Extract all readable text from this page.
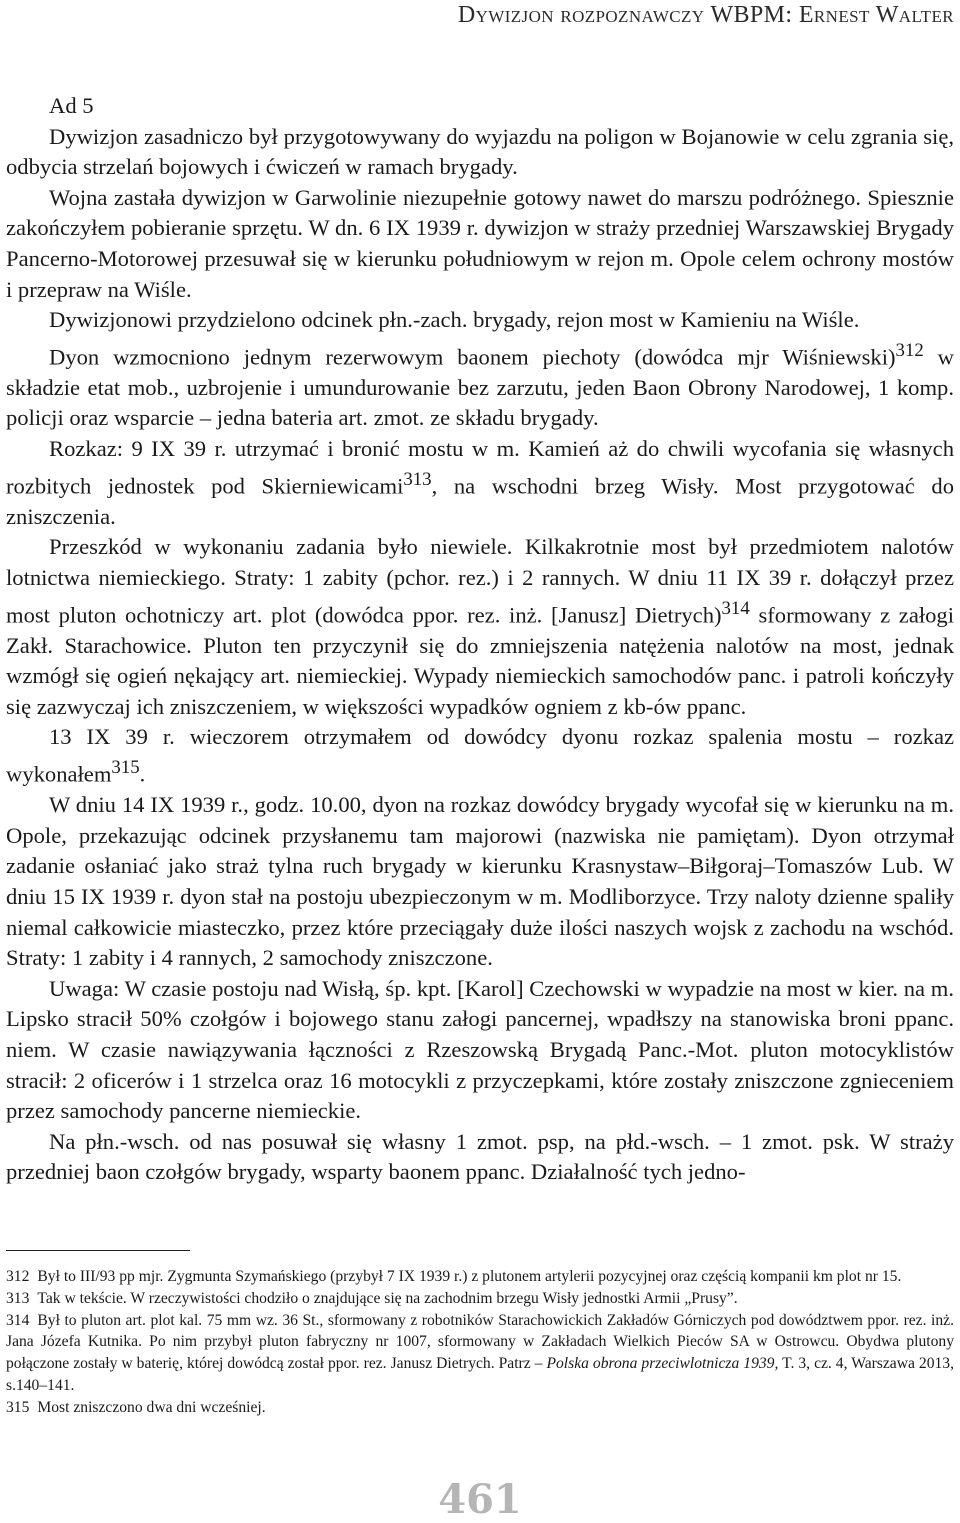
Dywizjon rozpoznawczy WBPM: Ernest Walter

Ad 5

Dywizjon zasadniczo był przygotowywany do wyjazdu na poligon w Bojanowie w celu zgrania się, odbycia strzelań bojowych i ćwiczeń w ramach brygady.

Wojna zastała dywizjon w Garwolinie niezupełnie gotowy nawet do marszu podróżnego. Spiesznie zakończyłem pobieranie sprzętu. W dn. 6 IX 1939 r. dywizjon w straży przedniej Warszawskiej Brygady Pancerno-Motorowej przesuwał się w kierunku południowym w rejon m. Opole celem ochrony mostów i przepraw na Wiśle.

Dywizjonowi przydzielono odcinek płn.-zach. brygady, rejon most w Kamieniu na Wiśle.

Dyon wzmocniono jednym rezerwowym baonem piechoty (dowódca mjr Wiśniewski)$^{312}$ w składzie etat mob., uzbrojenie i umundurowanie bez zarzutu, jeden Baon Obrony Narodowej, 1 komp. policji oraz wsparcie – jedna bateria art. zmot. ze składu brygady.

Rozkaz: 9 IX 39 r. utrzymać i bronić mostu w m. Kamień aż do chwili wycofania się własnych rozbitych jednostek pod Skierniewicami$^{313}$, na wschodni brzeg Wisły. Most przygotować do zniszczenia.

Przeszkód w wykonaniu zadania było niewiele. Kilkakrotnie most był przedmiotem nalotów lotnictwa niemieckiego. Straty: 1 zabity (pchor. rez.) i 2 rannych. W dniu 11 IX 39 r. dołączył przez most pluton ochotniczy art. plot (dowódca ppor. rez. inż. [Janusz] Dietrych)$^{314}$ sformowany z załogi Zakł. Starachowice. Pluton ten przyczynił się do zmniejszenia natężenia nalotów na most, jednak wzmógł się ogień nękający art. niemieckiej. Wypady niemieckich samochodów panc. i patroli kończyły się zazwyczaj ich zniszczeniem, w większości wypadków ogniem z kb-ów ppanc.

13 IX 39 r. wieczorem otrzymałem od dowódcy dyonu rozkaz spalenia mostu – rozkaz wykonałem$^{315}$.

W dniu 14 IX 1939 r., godz. 10.00, dyon na rozkaz dowódcy brygady wycofał się w kierunku na m. Opole, przekazując odcinek przysłanemu tam majorowi (nazwiska nie pamiętam). Dyon otrzymał zadanie osłaniać jako straż tylna ruch brygady w kierunku Krasnystaw–Biłgoraj–Tomaszów Lub. W dniu 15 IX 1939 r. dyon stał na postoju ubezpieczonym w m. Modliborzyce. Trzy naloty dzienne spaliły niemal całkowicie miasteczko, przez które przeciągały duże ilości naszych wojsk z zachodu na wschód. Straty: 1 zabity i 4 rannych, 2 samochody zniszczone.

Uwaga: W czasie postoju nad Wisłą, śp. kpt. [Karol] Czechowski w wypadzie na most w kier. na m. Lipsko stracił 50% czołgów i bojowego stanu załogi pancernej, wpadłszy na stanowiska broni ppanc. niem. W czasie nawiązywania łączności z Rzeszowską Brygadą Panc.-Mot. pluton motocyklistów stracił: 2 oficerów i 1 strzelca oraz 16 motocykli z przyczepkami, które zostały zniszczone zgnieceniem przez samochody pancerne niemieckie.

Na płn.-wsch. od nas posuwał się własny 1 zmot. psp, na płd.-wsch. – 1 zmot. psk. W straży przedniej baon czołgów brygady, wsparty baonem ppanc. Działalność tych jedno-

312 Był to III/93 pp mjr. Zygmunta Szymańskiego (przybył 7 IX 1939 r.) z plutonem artylerii pozycyjnej oraz częścią kompanii km plot nr 15.

313 Tak w tekście. W rzeczywistości chodziło o znajdujące się na zachodnim brzegu Wisły jednostki Armii „Prusy”.

314 Był to pluton art. plot kal. 75 mm wz. 36 St., sformowany z robotników Starachowickich Zakładów Górniczych pod dowództwem ppor. rez. inż. Jana Józefa Kutnika. Po nim przybył pluton fabryczny nr 1007, sformowany w Zakładach Wielkich Pieców SA w Ostrowcu. Obydwa plutony połączone zostały w baterię, której dowódcą został ppor. rez. Janusz Dietrych. Patrz – Polska obrona przeciwlotnicza 1939, T. 3, cz. 4, Warszawa 2013, s.140–141.

315 Most zniszczono dwa dni wcześniej.

461
